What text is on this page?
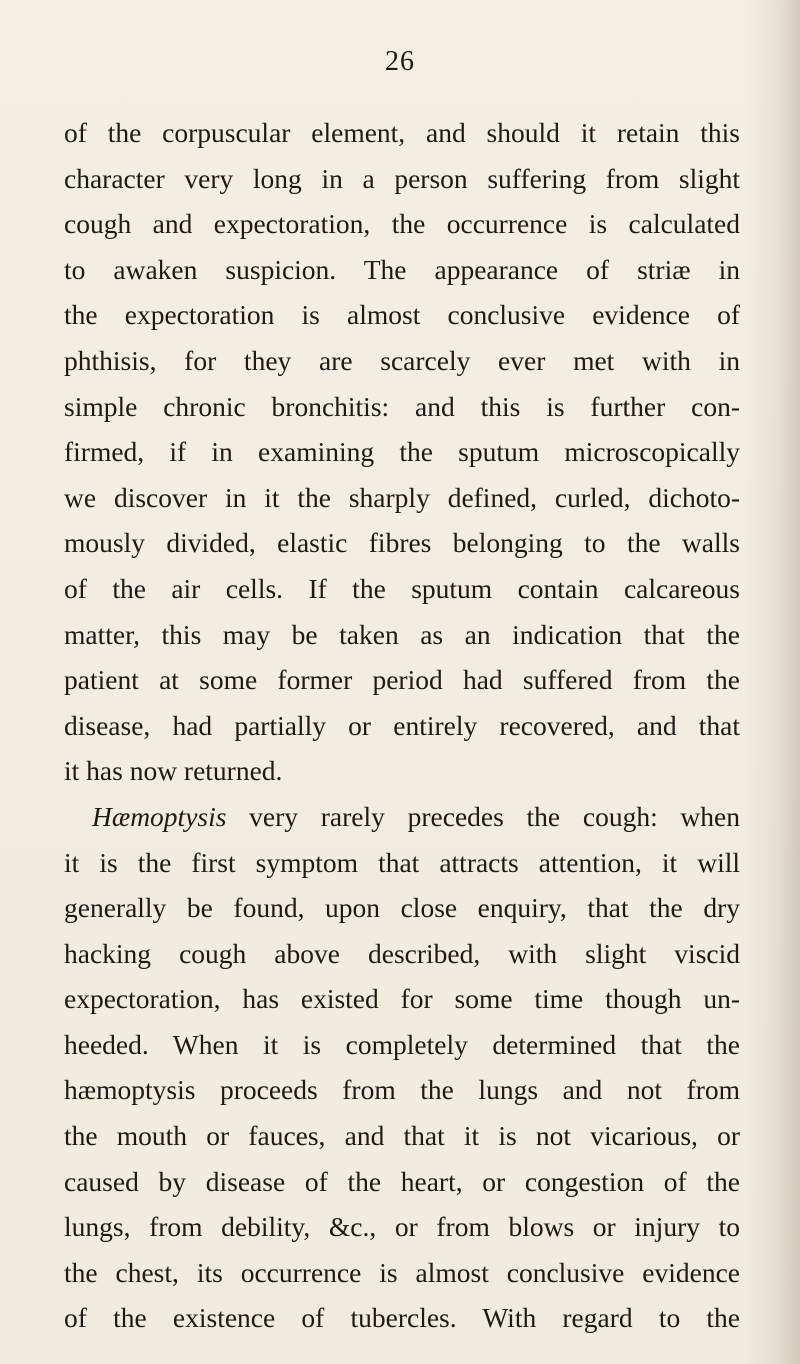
26
of the corpuscular element, and should it retain this
character very long in a person suffering from slight
cough and expectoration, the occurrence is calculated
to awaken suspicion. The appearance of striæ in
the expectoration is almost conclusive evidence of
phthisis, for they are scarcely ever met with in
simple chronic bronchitis: and this is further con-
firmed, if in examining the sputum microscopically
we discover in it the sharply defined, curled, dichoto-
mously divided, elastic fibres belonging to the walls
of the air cells. If the sputum contain calcareous
matter, this may be taken as an indication that the
patient at some former period had suffered from the
disease, had partially or entirely recovered, and that
it has now returned.
Hæmoptysis very rarely precedes the cough: when
it is the first symptom that attracts attention, it will
generally be found, upon close enquiry, that the dry
hacking cough above described, with slight viscid
expectoration, has existed for some time though un-
heeded. When it is completely determined that the
hæmoptysis proceeds from the lungs and not from
the mouth or fauces, and that it is not vicarious, or
caused by disease of the heart, or congestion of the
lungs, from debility, &c., or from blows or injury to
the chest, its occurrence is almost conclusive evidence
of the existence of tubercles. With regard to the
